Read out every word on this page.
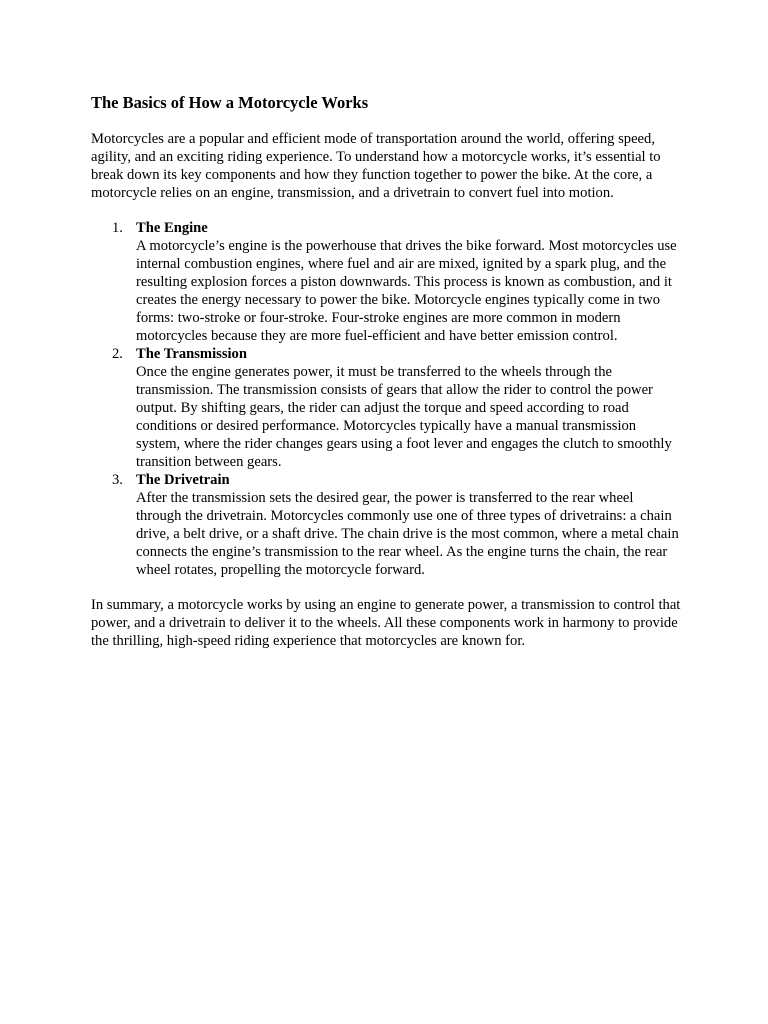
The Basics of How a Motorcycle Works

Motorcycles are a popular and efficient mode of transportation around the world, offering speed, agility, and an exciting riding experience. To understand how a motorcycle works, it’s essential to break down its key components and how they function together to power the bike. At the core, a motorcycle relies on an engine, transmission, and a drivetrain to convert fuel into motion.

1. The Engine
A motorcycle’s engine is the powerhouse that drives the bike forward. Most motorcycles use internal combustion engines, where fuel and air are mixed, ignited by a spark plug, and the resulting explosion forces a piston downwards. This process is known as combustion, and it creates the energy necessary to power the bike. Motorcycle engines typically come in two forms: two-stroke or four-stroke. Four-stroke engines are more common in modern motorcycles because they are more fuel-efficient and have better emission control.
2. The Transmission
Once the engine generates power, it must be transferred to the wheels through the transmission. The transmission consists of gears that allow the rider to control the power output. By shifting gears, the rider can adjust the torque and speed according to road conditions or desired performance. Motorcycles typically have a manual transmission system, where the rider changes gears using a foot lever and engages the clutch to smoothly transition between gears.
3. The Drivetrain
After the transmission sets the desired gear, the power is transferred to the rear wheel through the drivetrain. Motorcycles commonly use one of three types of drivetrains: a chain drive, a belt drive, or a shaft drive. The chain drive is the most common, where a metal chain connects the engine’s transmission to the rear wheel. As the engine turns the chain, the rear wheel rotates, propelling the motorcycle forward.

In summary, a motorcycle works by using an engine to generate power, a transmission to control that power, and a drivetrain to deliver it to the wheels. All these components work in harmony to provide the thrilling, high-speed riding experience that motorcycles are known for.
